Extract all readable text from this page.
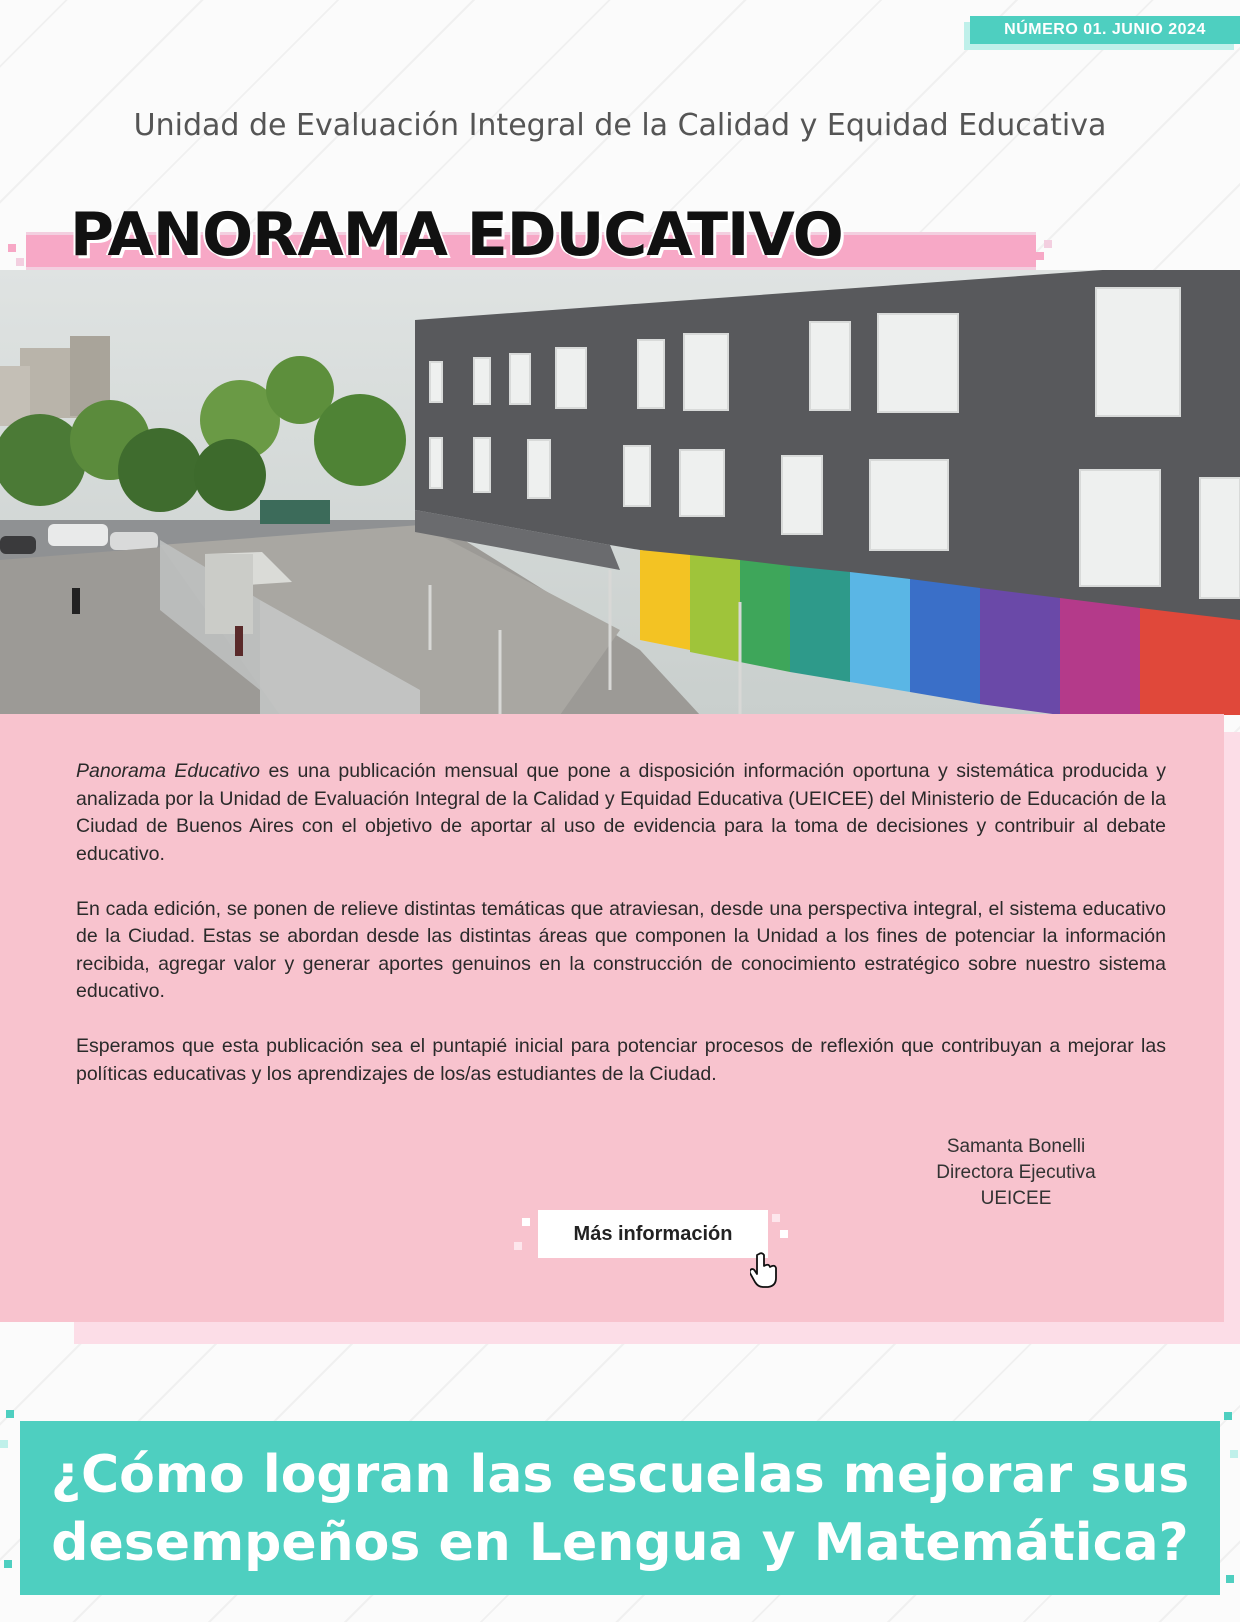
NÚMERO 01. JUNIO 2024
Unidad de Evaluación Integral de la Calidad y Equidad Educativa
PANORAMA EDUCATIVO

Panorama Educativo es una publicación mensual que pone a disposición información oportuna y sistemática producida y analizada por la Unidad de Evaluación Integral de la Calidad y Equidad Educativa (UEICEE) del Ministerio de Educación de la Ciudad de Buenos Aires con el objetivo de aportar al uso de evidencia para la toma de decisiones y contribuir al debate educativo.

En cada edición, se ponen de relieve distintas temáticas que atraviesan, desde una perspectiva integral, el sistema educativo de la Ciudad. Estas se abordan desde las distintas áreas que componen la Unidad a los fines de potenciar la información recibida, agregar valor y generar aportes genuinos en la construcción de conocimiento estratégico sobre nuestro sistema educativo.

Esperamos que esta publicación sea el puntapié inicial para potenciar procesos de reflexión que contribuyan a mejorar las políticas educativas y los aprendizajes de los/as estudiantes de la Ciudad.

Samanta Bonelli
Directora Ejecutiva
UEICEE
Más información
¿Cómo logran las escuelas mejorar sus
desempeños en Lengua y Matemática?
